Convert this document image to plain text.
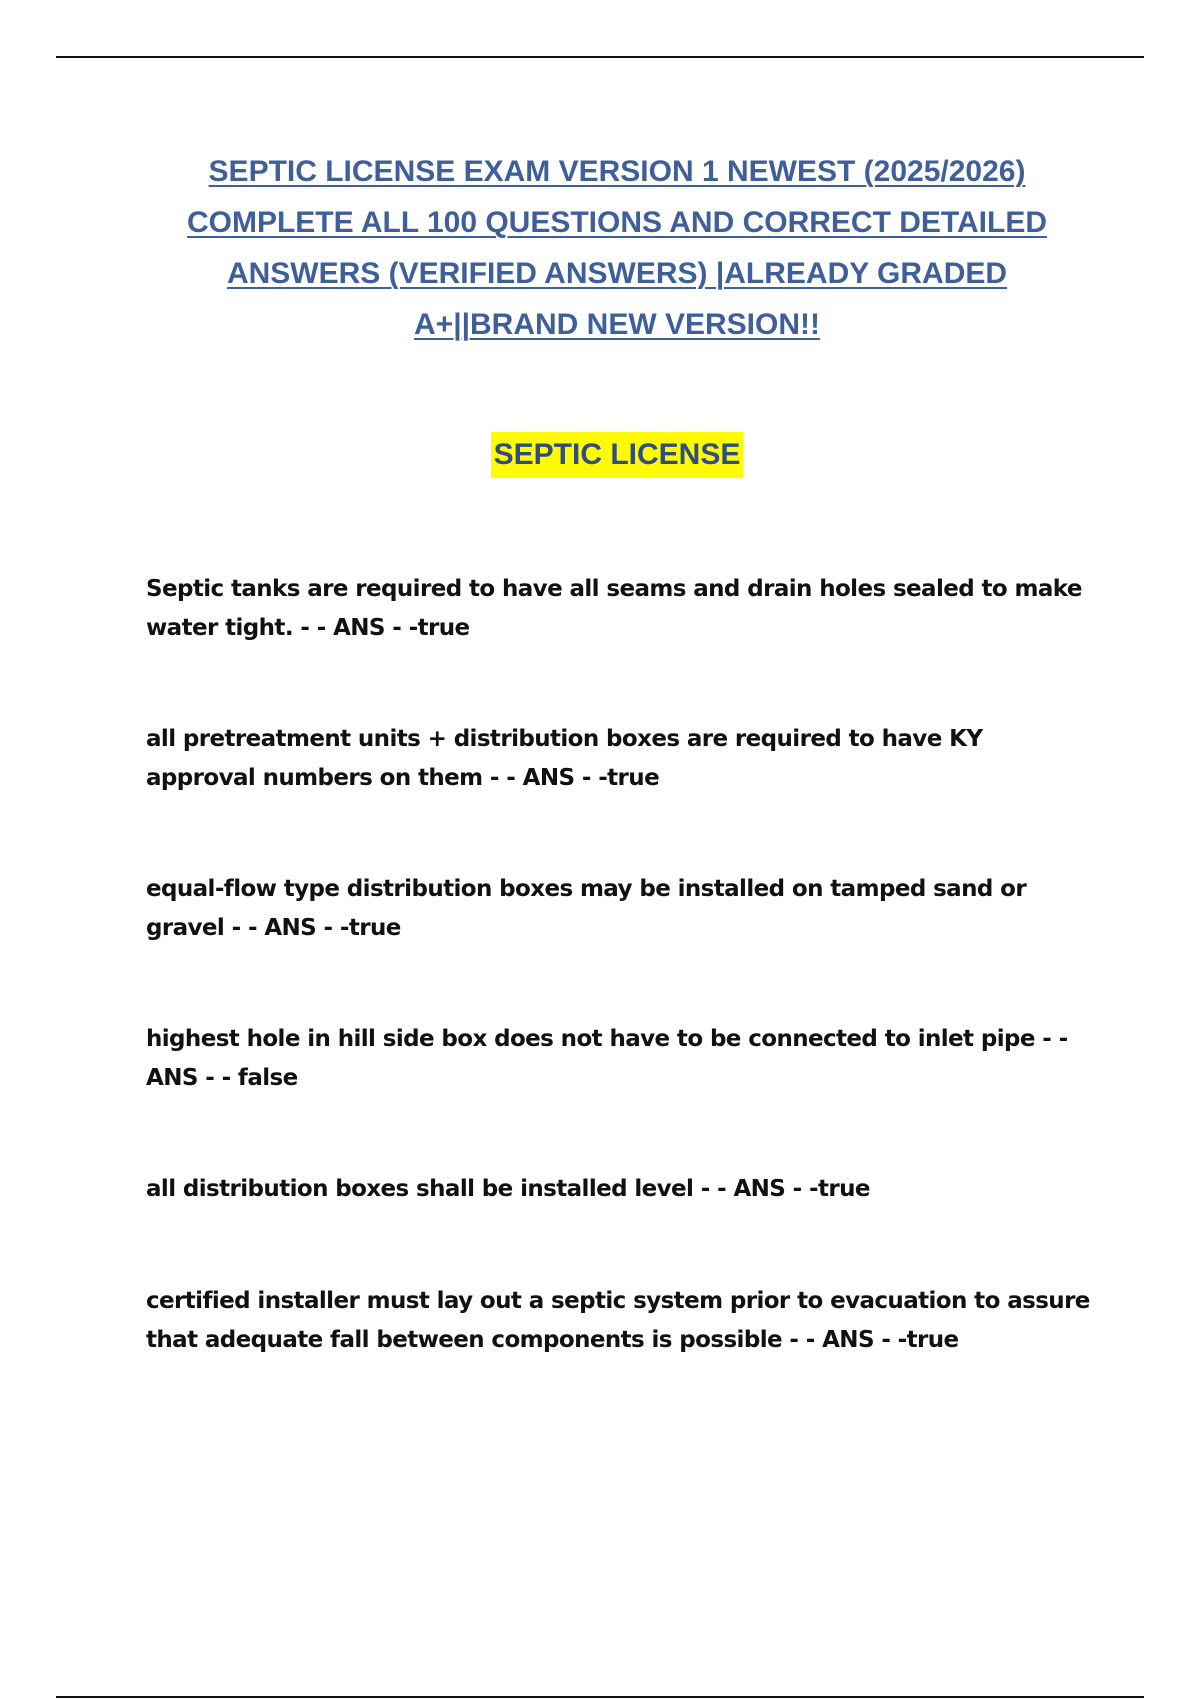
SEPTIC LICENSE EXAM VERSION 1 NEWEST (2025/2026)
COMPLETE ALL 100 QUESTIONS AND CORRECT DETAILED
ANSWERS (VERIFIED ANSWERS) |ALREADY GRADED
A+||BRAND NEW VERSION!!
SEPTIC LICENSE
Septic tanks are required to have all seams and drain holes sealed to make water tight. - - ANS - -true
all pretreatment units + distribution boxes are required to have KY approval numbers on them - - ANS - -true
equal-flow type distribution boxes may be installed on tamped sand or gravel - - ANS - -true
highest hole in hill side box does not have to be connected to inlet pipe - - ANS - - false
all distribution boxes shall be installed level - - ANS - -true
certified installer must lay out a septic system prior to evacuation to assure that adequate fall between components is possible - - ANS - -true
